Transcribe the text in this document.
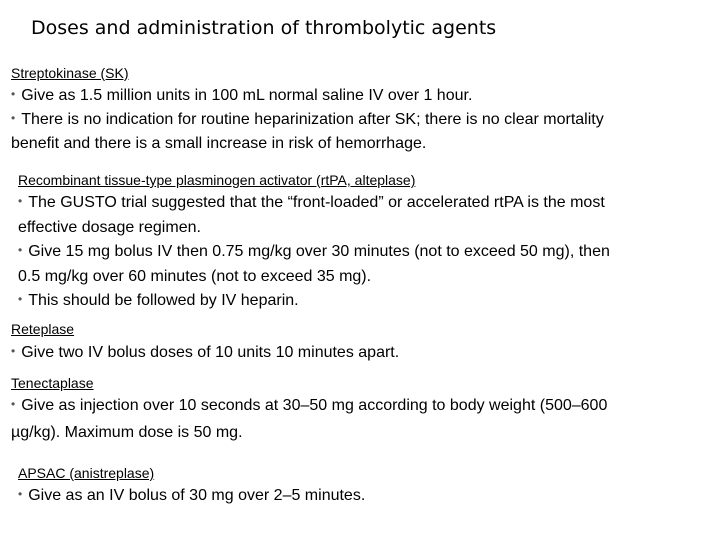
Doses and administration of thrombolytic agents
Streptokinase (SK)
• Give as 1.5 million units in 100 mL normal saline IV over 1 hour.
• There is no indication for routine heparinization after SK; there is no clear mortality
benefit and there is a small increase in risk of hemorrhage.
Recombinant tissue-type plasminogen activator (rtPA, alteplase)
• The GUSTO trial suggested that the “front-loaded” or accelerated rtPA is the most
effective dosage regimen.
• Give 15 mg bolus IV then 0.75 mg/kg over 30 minutes (not to exceed 50 mg), then
0.5 mg/kg over 60 minutes (not to exceed 35 mg).
• This should be followed by IV heparin.
Reteplase
• Give two IV bolus doses of 10 units 10 minutes apart.
Tenectaplase
• Give as injection over 10 seconds at 30–50 mg according to body weight (500–600
µg/kg). Maximum dose is 50 mg.
APSAC (anistreplase)
• Give as an IV bolus of 30 mg over 2–5 minutes.
